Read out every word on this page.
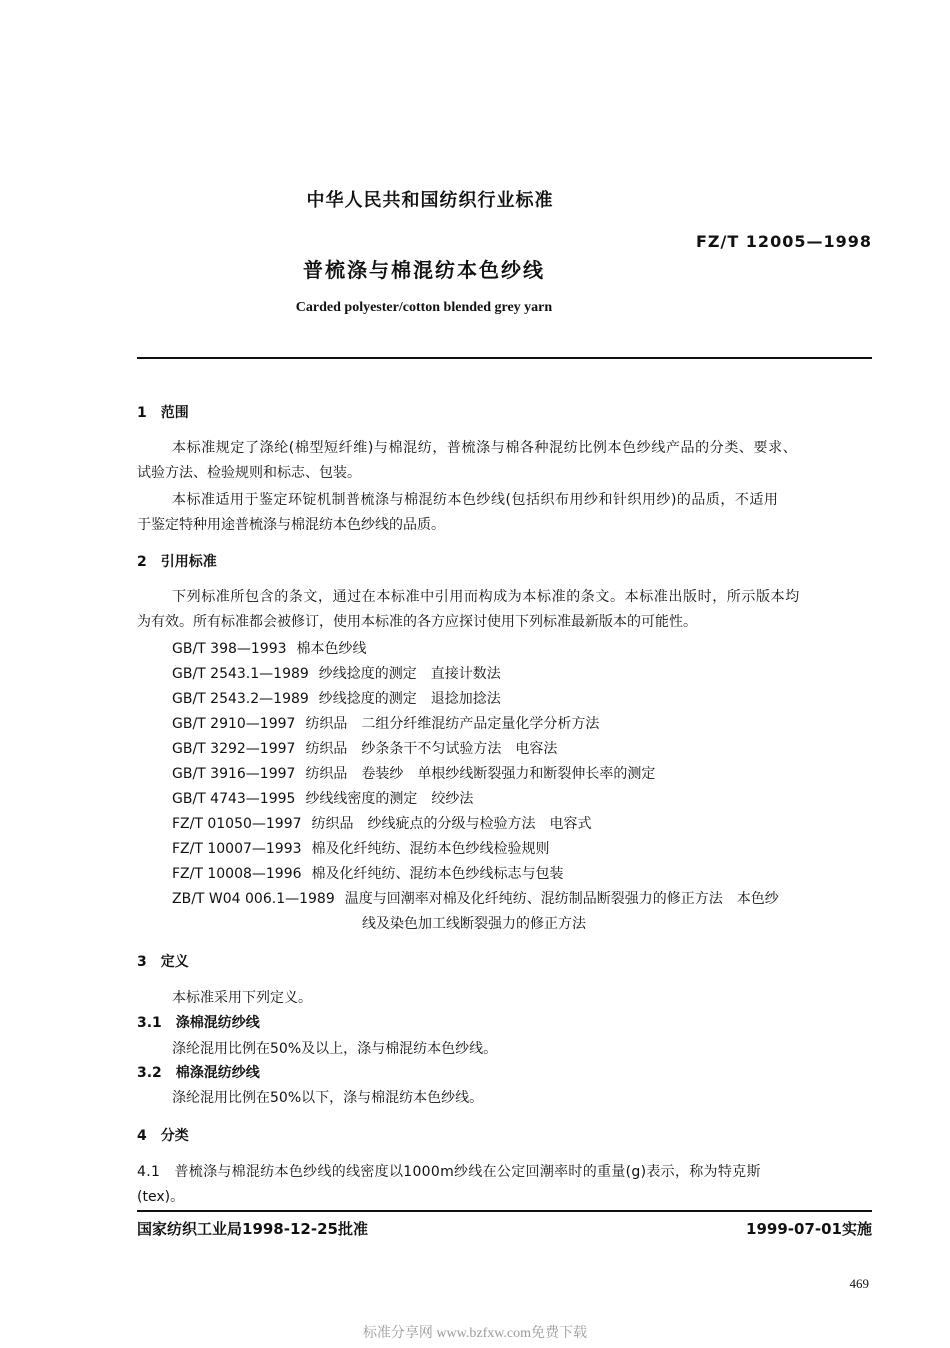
中华人民共和国纺织行业标准
FZ/T 12005—1998
普梳涤与棉混纺本色纱线
Carded polyester/cotton blended grey yarn
1　范围
本标准规定了涤纶(棉型短纤维)与棉混纺，普梳涤与棉各种混纺比例本色纱线产品的分类、要求、
试验方法、检验规则和标志、包装。
本标准适用于鉴定环锭机制普梳涤与棉混纺本色纱线(包括织布用纱和针织用纱)的品质，不适用
于鉴定特种用途普梳涤与棉混纺本色纱线的品质。
2　引用标准
下列标准所包含的条文，通过在本标准中引用而构成为本标准的条文。本标准出版时，所示版本均
为有效。所有标准都会被修订，使用本标准的各方应探讨使用下列标准最新版本的可能性。
GB/T 398—1993 棉本色纱线
GB/T 2543.1—1989 纱线捻度的测定　直接计数法
GB/T 2543.2—1989 纱线捻度的测定　退捻加捻法
GB/T 2910—1997 纺织品　二组分纤维混纺产品定量化学分析方法
GB/T 3292—1997 纺织品　纱条条干不匀试验方法　电容法
GB/T 3916—1997 纺织品　卷装纱　单根纱线断裂强力和断裂伸长率的测定
GB/T 4743—1995 纱线线密度的测定　绞纱法
FZ/T 01050—1997 纺织品　纱线疵点的分级与检验方法　电容式
FZ/T 10007—1993 棉及化纤纯纺、混纺本色纱线检验规则
FZ/T 10008—1996 棉及化纤纯纺、混纺本色纱线标志与包装
ZB/T W04 006.1—1989 温度与回潮率对棉及化纤纯纺、混纺制品断裂强力的修正方法　本色纱
线及染色加工线断裂强力的修正方法
3　定义
本标准采用下列定义。
3.1　涤棉混纺纱线
涤纶混用比例在50%及以上，涤与棉混纺本色纱线。
3.2　棉涤混纺纱线
涤纶混用比例在50%以下，涤与棉混纺本色纱线。
4　分类
4.1　普梳涤与棉混纺本色纱线的线密度以1000m纱线在公定回潮率时的重量(g)表示，称为特克斯
(tex)。
国家纺织工业局1998-12-25批准	1999-07-01实施
469
标准分享网 www.bzfxw.com免费下载
